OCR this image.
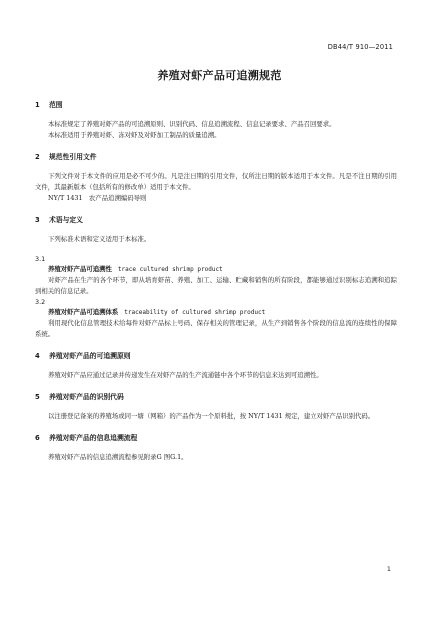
DB44/T 910—2011
养殖对虾产品可追溯规范

1 范围

本标准规定了养殖对虾产品的可追溯原则、识别代码、信息追溯流程、信息记录要求、产品召回要求。

本标准适用于养殖对虾、冻对虾及对虾加工制品的质量追溯。

2 规范性引用文件

下列文件对于本文件的应用是必不可少的。凡是注日期的引用文件，仅所注日期的版本适用于本文件。凡是不注日期的引用文件，其最新版本（包括所有的修改单）适用于本文件。

NY/T 1431　农产品追溯编码导则

3 术语与定义

下列标准术语和定义适用于本标准。

3.1

养殖对虾产品可追溯性 trace cultured shrimp product

对虾产品在生产的各个环节，即从培育虾苗、养殖、加工、运输、贮藏和销售的所有阶段，都能够通过识别标志追溯和追踪到相关的信息记录。

3.2

养殖对虾产品可追溯体系 traceability of cultured shrimp product

利用现代化信息管理技术给每件对虾产品标上号码、保存相关的管理记录，从生产到销售各个阶段的信息流的连续性的保障系统。

4 养殖对虾产品的可追溯原则

养殖对虾产品应通过记录并传递发生在对虾产品的生产流通链中各个环节的信息来达到可追溯性。

5 养殖对虾产品的识别代码

以注册登记备案的养殖场或同一塘（网箱）的产品作为一个原料批，按 NY/T 1431 规定，建立对虾产品识别代码。

6 养殖对虾产品的信息追溯流程

养殖对虾产品的信息追溯流程参见附录G 图G.1。

1
